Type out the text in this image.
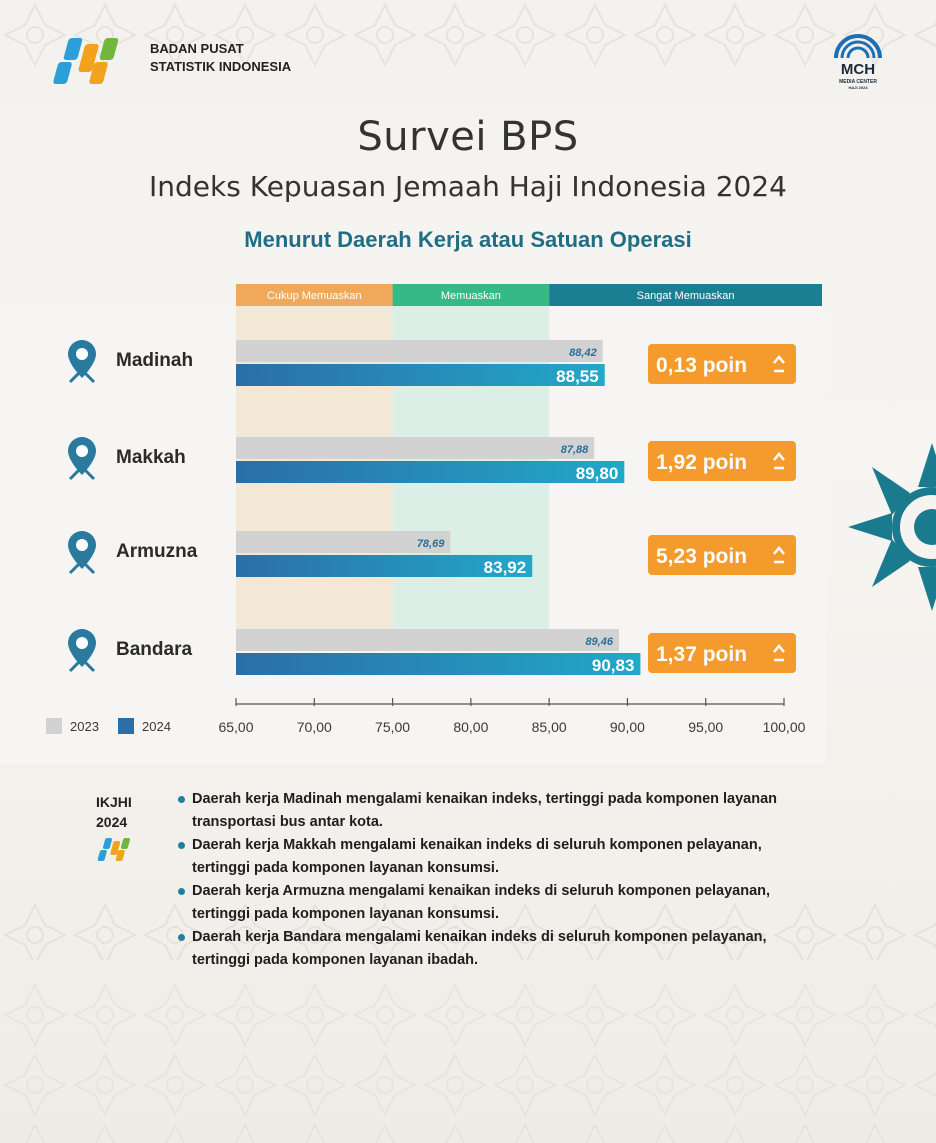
BADAN PUSAT
STATISTIK INDONESIA	MCH
MEDIA CENTER
HAJI 2024
Survei BPS
Indeks Kepuasan Jemaah Haji Indonesia 2024
Menurut Daerah Kerja atau Satuan Operasi
Cukup Memuaskan	Memuaskan	Sangat Memuaskan
88,42
88,55
Madinah	0,13 poin
87,88
89,80
Makkah	1,92 poin
78,69
83,92
Armuzna	5,23 poin
89,46
90,83
Bandara	1,37 poin
65,00	70,00	75,00	80,00	85,00	90,00	95,00	100,00
2023	2024
IKJHI
2024
Daerah kerja Madinah mengalami kenaikan indeks, tertinggi pada komponen layanan transportasi bus antar kota.
Daerah kerja Makkah mengalami kenaikan indeks di seluruh komponen pelayanan, tertinggi pada komponen layanan konsumsi.
Daerah kerja Armuzna mengalami kenaikan indeks di seluruh komponen pelayanan, tertinggi pada komponen layanan konsumsi.
Daerah kerja Bandara mengalami kenaikan indeks di seluruh komponen pelayanan, tertinggi pada komponen layanan ibadah.
